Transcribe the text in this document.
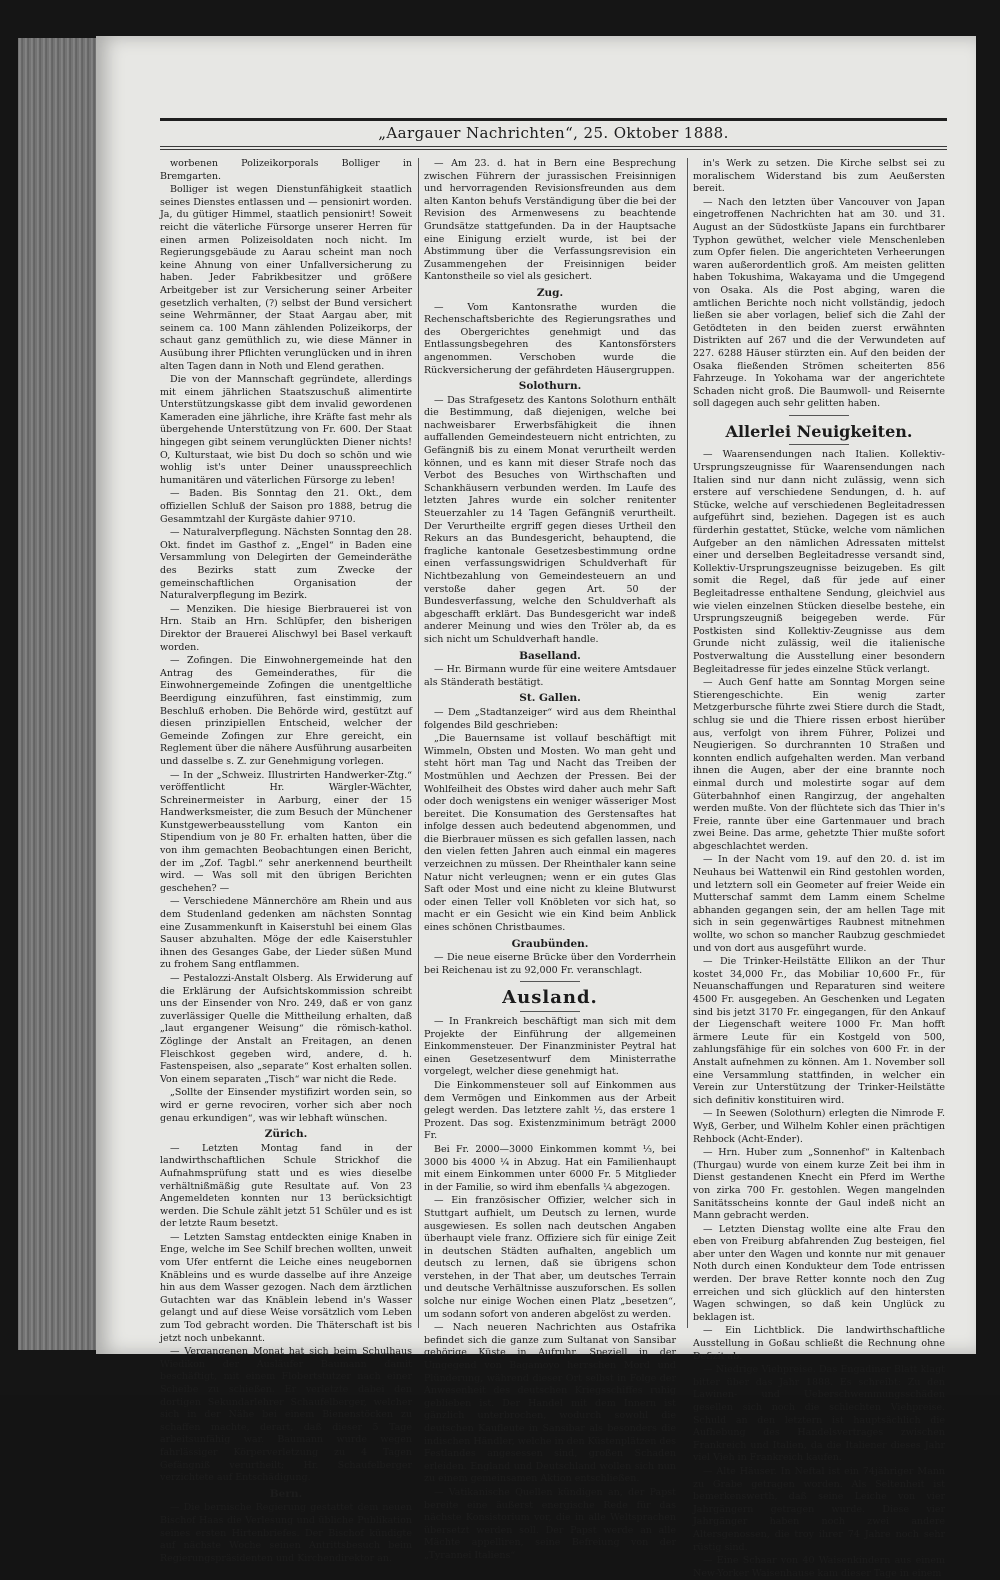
„Aargauer Nachrichten“, 25. Oktober 1888.

worbenen Polizeikorporals Bolliger in Bremgarten.

Bolliger ist wegen Dienstunfähigkeit staatlich seines Dienstes entlassen und — pensionirt worden. Ja, du gütiger Himmel, staatlich pensionirt! Soweit reicht die väterliche Fürsorge unserer Herren für einen armen Polizeisoldaten noch nicht. Im Regierungsgebäude zu Aarau scheint man noch keine Ahnung von einer Unfallversicherung zu haben. Jeder Fabrikbesitzer und größere Arbeitgeber ist zur Versicherung seiner Arbeiter gesetzlich verhalten, (?) selbst der Bund versichert seine Wehrmänner, der Staat Aargau aber, mit seinem ca. 100 Mann zählenden Polizeikorps, der schaut ganz gemüthlich zu, wie diese Männer in Ausübung ihrer Pflichten verunglücken und in ihren alten Tagen dann in Noth und Elend gerathen.

Die von der Mannschaft gegründete, allerdings mit einem jährlichen Staatszuschuß alimentirte Unterstützungskasse gibt dem invalid gewordenen Kameraden eine jährliche, ihre Kräfte fast mehr als übergehende Unterstützung von Fr. 600. Der Staat hingegen gibt seinem verunglückten Diener nichts! O, Kulturstaat, wie bist Du doch so schön und wie wohlig ist's unter Deiner unausspreechlich humanitären und väterlichen Fürsorge zu leben!

— Baden. Bis Sonntag den 21. Okt., dem offiziellen Schluß der Saison pro 1888, betrug die Gesammtzahl der Kurgäste dahier 9710.

— Naturalverpflegung. Nächsten Sonntag den 28. Okt. findet im Gasthof z. „Engel“ in Baden eine Versammlung von Delegirten der Gemeinderäthe des Bezirks statt zum Zwecke der gemeinschaftlichen Organisation der Naturalverpflegung im Bezirk.

— Menziken. Die hiesige Bierbrauerei ist von Hrn. Staib an Hrn. Schlüpfer, den bisherigen Direktor der Brauerei Alischwyl bei Basel verkauft worden.

— Zofingen. Die Einwohnergemeinde hat den Antrag des Gemeinderathes, für die Einwohnergemeinde Zofingen die unentgeltliche Beerdigung einzuführen, fast einstimmig, zum Beschluß erhoben. Die Behörde wird, gestützt auf diesen prinzipiellen Entscheid, welcher der Gemeinde Zofingen zur Ehre gereicht, ein Reglement über die nähere Ausführung ausarbeiten und dasselbe s. Z. zur Genehmigung vorlegen.

— In der „Schweiz. Illustrirten Handwerker-Ztg.“ veröffentlicht Hr. Wärgler-Wächter, Schreinermeister in Aarburg, einer der 15 Handwerksmeister, die zum Besuch der Münchener Kunstgewerbeausstellung vom Kanton ein Stipendium von je 80 Fr. erhalten hatten, über die von ihm gemachten Beobachtungen einen Bericht, der im „Zof. Tagbl.“ sehr anerkennend beurtheilt wird. — Was soll mit den übrigen Berichten geschehen? —

— Verschiedene Männerchöre am Rhein und aus dem Studenland gedenken am nächsten Sonntag eine Zusammenkunft in Kaiserstuhl bei einem Glas Sauser abzuhalten. Möge der edle Kaiserstuhler ihnen des Gesanges Gabe, der Lieder süßen Mund zu frohem Sang entflammen.

— Pestalozzi-Anstalt Olsberg. Als Erwiderung auf die Erklärung der Aufsichtskommission schreibt uns der Einsender von Nro. 249, daß er von ganz zuverlässiger Quelle die Mittheilung erhalten, daß „laut ergangener Weisung“ die römisch-kathol. Zöglinge der Anstalt an Freitagen, an denen Fleischkost gegeben wird, andere, d. h. Fastenspeisen, also „separate“ Kost erhalten sollen. Von einem separaten „Tisch“ war nicht die Rede.

„Sollte der Einsender mystifizirt worden sein, so wird er gerne revociren, vorher sich aber noch genau erkundigen“, was wir lebhaft wünschen.

Zürich.

— Letzten Montag fand in der landwirthschaftlichen Schule Strickhof die Aufnahmsprüfung statt und es wies dieselbe verhältnißmäßig gute Resultate auf. Von 23 Angemeldeten konnten nur 13 berücksichtigt werden. Die Schule zählt jetzt 51 Schüler und es ist der letzte Raum besetzt.

— Letzten Samstag entdeckten einige Knaben in Enge, welche im See Schilf brechen wollten, unweit vom Ufer entfernt die Leiche eines neugebornen Knäbleins und es wurde dasselbe auf ihre Anzeige hin aus dem Wasser gezogen. Nach dem ärztlichen Gutachten war das Knäblein lebend in's Wasser gelangt und auf diese Weise vorsätzlich vom Leben zum Tod gebracht worden. Die Thäterschaft ist bis jetzt noch unbekannt.

— Vergangenen Monat hat sich beim Schulhaus Wiedikon der Ausläufer Baumann damit beschäftigt, mit einem Flobertstutzer nach einer Scheibe zu schießen. Er verletzte dabei den dortigen Sekundarlehrer Schaufelberger, welcher sich in der Nähe bei einem Bienenstöcken zu schaffen machte, derart, daß dieser 5 Tage arbeitsunfähig war. Baumann wurde wegen fahrlässiger Körperverletzung zu 4 Tagen Gefängniß verurtheilt; Hr. Schaufelberger verzichtete auf Entschädigung.

Bern.

— Die bernische Regierung gestattet dem neuen Bischof Haas die Verlesung und übliche Publikation seines ersten Hirtenbriefes. Der Bischof kündigte auf nächste Woche seinen Antrittsbesuch beim Regierungspräsidenten und Kirchendirektor an.

— Am 23. d. hat in Bern eine Besprechung zwischen Führern der jurassischen Freisinnigen und hervorragenden Revisionsfreunden aus dem alten Kanton behufs Verständigung über die bei der Revision des Armenwesens zu beachtende Grundsätze stattgefunden. Da in der Hauptsache eine Einigung erzielt wurde, ist bei der Abstimmung über die Verfassungsrevision ein Zusammengehen der Freisinnigen beider Kantonstheile so viel als gesichert.

Zug.

— Vom Kantonsrathe wurden die Rechenschaftsberichte des Regierungsrathes und des Obergerichtes genehmigt und das Entlassungsbegehren des Kantonsförsters angenommen. Verschoben wurde die Rückversicherung der gefährdeten Häusergruppen.

Solothurn.

— Das Strafgesetz des Kantons Solothurn enthält die Bestimmung, daß diejenigen, welche bei nachweisbarer Erwerbsfähigkeit die ihnen auffallenden Gemeindesteuern nicht entrichten, zu Gefängniß bis zu einem Monat verurtheilt werden können, und es kann mit dieser Strafe noch das Verbot des Besuches von Wirthschaften und Schankhäusern verbunden werden. Im Laufe des letzten Jahres wurde ein solcher renitenter Steuerzahler zu 14 Tagen Gefängniß verurtheilt. Der Verurtheilte ergriff gegen dieses Urtheil den Rekurs an das Bundesgericht, behauptend, die fragliche kantonale Gesetzesbestimmung ordne einen verfassungswidrigen Schuldverhaft für Nichtbezahlung von Gemeindesteuern an und verstoße daher gegen Art. 50 der Bundesverfassung, welche den Schuldverhaft als abgeschafft erklärt. Das Bundesgericht war indeß anderer Meinung und wies den Tröler ab, da es sich nicht um Schuldverhaft handle.

Baselland.

— Hr. Birmann wurde für eine weitere Amtsdauer als Ständerath bestätigt.

St. Gallen.

— Dem „Stadtanzeiger“ wird aus dem Rheinthal folgendes Bild geschrieben:

„Die Bauernsame ist vollauf beschäftigt mit Wimmeln, Obsten und Mosten. Wo man geht und steht hört man Tag und Nacht das Treiben der Mostmühlen und Aechzen der Pressen. Bei der Wohlfeilheit des Obstes wird daher auch mehr Saft oder doch wenigstens ein weniger wässeriger Most bereitet. Die Konsumation des Gerstensaftes hat infolge dessen auch bedeutend abgenommen, und die Bierbrauer müssen es sich gefallen lassen, nach den vielen fetten Jahren auch einmal ein mageres verzeichnen zu müssen. Der Rheinthaler kann seine Natur nicht verleugnen; wenn er ein gutes Glas Saft oder Most und eine nicht zu kleine Blutwurst oder einen Teller voll Knöbleten vor sich hat, so macht er ein Gesicht wie ein Kind beim Anblick eines schönen Christbaumes.

Graubünden.

— Die neue eiserne Brücke über den Vorderrhein bei Reichenau ist zu 92,000 Fr. veranschlagt.

Ausland.

— In Frankreich beschäftigt man sich mit dem Projekte der Einführung der allgemeinen Einkommensteuer. Der Finanzminister Peytral hat einen Gesetzesentwurf dem Ministerrathe vorgelegt, welcher diese genehmigt hat.

Die Einkommensteuer soll auf Einkommen aus dem Vermögen und Einkommen aus der Arbeit gelegt werden. Das letztere zahlt ½, das erstere 1 Prozent. Das sog. Existenzminimum beträgt 2000 Fr.

Bei Fr. 2000—3000 Einkommen kommt ⅓, bei 3000 bis 4000 ¼ in Abzug. Hat ein Familienhaupt mit einem Einkommen unter 6000 Fr. 5 Mitglieder in der Familie, so wird ihm ebenfalls ¼ abgezogen.

— Ein französischer Offizier, welcher sich in Stuttgart aufhielt, um Deutsch zu lernen, wurde ausgewiesen. Es sollen nach deutschen Angaben überhaupt viele franz. Offiziere sich für einige Zeit in deutschen Städten aufhalten, angeblich um deutsch zu lernen, daß sie übrigens schon verstehen, in der That aber, um deutsches Terrain und deutsche Verhältnisse auszuforschen. Es sollen solche nur einige Wochen einen Platz „besetzen“, um sodann sofort von anderen abgelöst zu werden.

— Nach neueren Nachrichten aus Ostafrika befindet sich die ganze zum Sultanat von Sansibar gehörige Küste in Aufruhr. Speziell in der Umgegend von Bagamoyo herrschen Mord und Plünderung, während dieser Ort selbst in Folge der Anwesenheit des deutschen Kriegsschiffes ruhig geblieben ist. Der Handel mit dem Innern ist gänzlich unterbrochen, wodurch sowohl die deutschen Kaufleute in Sansibar als besonders die indischen Händler, welche in den Küstenplätzen des Festlandes angesessen sind, großen Schaden erleiden. England und Deutschland wollen sich nun zu einem gemeinsamen Aktion entschließen.

— Vatikanische Quellen kündigen an, der Papst bereite eine äußerst energische Rede für das nächste Konsistorium vor, die in alle Weltsprachen übersetzt werden soll. Der Papst werde an alle Mächte appelliren, seine Befreiung von der „Tyrannei Italiens“

in's Werk zu setzen. Die Kirche selbst sei zu moralischem Widerstand bis zum Aeußersten bereit.

— Nach den letzten über Vancouver von Japan eingetroffenen Nachrichten hat am 30. und 31. August an der Südostküste Japans ein furchtbarer Typhon gewüthet, welcher viele Menschenleben zum Opfer fielen. Die angerichteten Verheerungen waren außerordentlich groß. Am meisten gelitten haben Tokushima, Wakayama und die Umgegend von Osaka. Als die Post abging, waren die amtlichen Berichte noch nicht vollständig, jedoch ließen sie aber vorlagen, belief sich die Zahl der Getödteten in den beiden zuerst erwähnten Distrikten auf 267 und die der Verwundeten auf 227. 6288 Häuser stürzten ein. Auf den beiden der Osaka fließenden Strömen scheiterten 856 Fahrzeuge. In Yokohama war der angerichtete Schaden nicht groß. Die Baumwoll- und Reisernte soll dagegen auch sehr gelitten haben.

Allerlei Neuigkeiten.

— Waarensendungen nach Italien. Kollektiv-Ursprungszeugnisse für Waarensendungen nach Italien sind nur dann nicht zulässig, wenn sich erstere auf verschiedene Sendungen, d. h. auf Stücke, welche auf verschiedenen Begleitadressen aufgeführt sind, beziehen. Dagegen ist es auch fürderhin gestattet, Stücke, welche vom nämlichen Aufgeber an den nämlichen Adressaten mittelst einer und derselben Begleitadresse versandt sind, Kollektiv-Ursprungszeugnisse beizugeben. Es gilt somit die Regel, daß für jede auf einer Begleitadresse enthaltene Sendung, gleichviel aus wie vielen einzelnen Stücken dieselbe bestehe, ein Ursprungszeugniß beigegeben werde. Für Postkisten sind Kollektiv-Zeugnisse aus dem Grunde nicht zulässig, weil die italienische Postverwaltung die Ausstellung einer besondern Begleitadresse für jedes einzelne Stück verlangt.

— Auch Genf hatte am Sonntag Morgen seine Stierengeschichte. Ein wenig zarter Metzgerbursche führte zwei Stiere durch die Stadt, schlug sie und die Thiere rissen erbost hierüber aus, verfolgt von ihrem Führer, Polizei und Neugierigen. So durchrannten 10 Straßen und konnten endlich aufgehalten werden. Man verband ihnen die Augen, aber der eine brannte noch einmal durch und molestirte sogar auf dem Güterbahnhof einen Rangirzug, der angehalten werden mußte. Von der flüchtete sich das Thier in's Freie, rannte über eine Gartenmauer und brach zwei Beine. Das arme, gehetzte Thier mußte sofort abgeschlachtet werden.

— In der Nacht vom 19. auf den 20. d. ist im Neuhaus bei Wattenwil ein Rind gestohlen worden, und letztern soll ein Geometer auf freier Weide ein Mutterschaf sammt dem Lamm einem Schelme abhanden gegangen sein, der am hellen Tage mit sich in sein gegenwärtiges Raubnest mitnehmen wollte, wo schon so mancher Raubzug geschmiedet und von dort aus ausgeführt wurde.

— Die Trinker-Heilstätte Ellikon an der Thur kostet 34,000 Fr., das Mobiliar 10,600 Fr., für Neuanschaffungen und Reparaturen sind weitere 4500 Fr. ausgegeben. An Geschenken und Legaten sind bis jetzt 3170 Fr. eingegangen, für den Ankauf der Liegenschaft weitere 1000 Fr. Man hofft ärmere Leute für ein Kostgeld von 500, zahlungsfähige für ein solches von 600 Fr. in der Anstalt aufnehmen zu können. Am 1. November soll eine Versammlung stattfinden, in welcher ein Verein zur Unterstützung der Trinker-Heilstätte sich definitiv konstituiren wird.

— In Seewen (Solothurn) erlegten die Nimrode F. Wyß, Gerber, und Wilhelm Kohler einen prächtigen Rehbock (Acht-Ender).

— Hrn. Huber zum „Sonnenhof“ in Kaltenbach (Thurgau) wurde von einem kurze Zeit bei ihm in Dienst gestandenen Knecht ein Pferd im Werthe von zirka 700 Fr. gestohlen. Wegen mangelnden Sanitätsscheins konnte der Gaul indeß nicht an Mann gebracht werden.

— Letzten Dienstag wollte eine alte Frau den eben von Freiburg abfahrenden Zug besteigen, fiel aber unter den Wagen und konnte nur mit genauer Noth durch einen Kondukteur dem Tode entrissen werden. Der brave Retter konnte noch den Zug erreichen und sich glücklich auf den hintersten Wagen schwingen, so daß kein Unglück zu beklagen ist.

— Ein Lichtblick. Die landwirthschaftliche Ausstellung in Goßau schließt die Rechnung ohne Defizit ab.

— Niedrige Viehpreise. Das Engadiner Blatt klagt bitter über das Jahr 1888. Es schreibt: Zu den Lawinen- und Ueberschwemmungsschäden gesellen sich noch die schlechten Viehpreise. Schuld an den letztern ist hauptsächlich die Aufhebung des Handelsvertrages zwischen Frankreich und Italien, da die Italiener dieses Jahr viel Vieh in Frankreich kaufen.

— Alte Häuser. In Neftal ist ein 74jähriger Mann zu Grabe getragen worden. Als Seltenheit ist bemerkenswerth, daß seine Leiche von vier Jahrgängern getragen wurde. Diese vier Jahrgänger haben noch zwei andere Altersgenossen, die troy ihrer 74 Jahre noch sehr rüstig sind.

— Eine Schaar von 40 Waisenkindern aus einem New-Yorker Waisenhause kam dieser Tage in einem
